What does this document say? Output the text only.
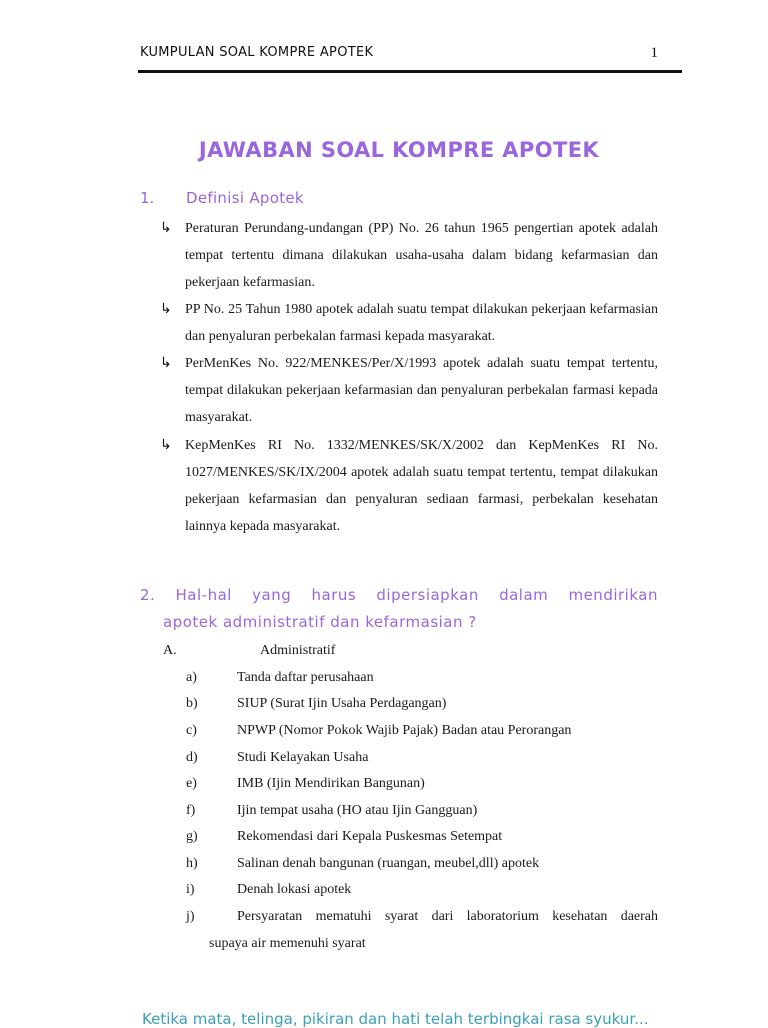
KUMPULAN SOAL KOMPRE APOTEK	1
JAWABAN SOAL KOMPRE APOTEK
1. Definisi Apotek
↳ Peraturan Perundang-undangan (PP) No. 26 tahun 1965 pengertian apotek adalah tempat tertentu dimana dilakukan usaha-usaha dalam bidang kefarmasian dan pekerjaan kefarmasian.
↳ PP No. 25 Tahun 1980 apotek adalah suatu tempat dilakukan pekerjaan kefarmasian dan penyaluran perbekalan farmasi kepada masyarakat.
↳ PerMenKes No. 922/MENKES/Per/X/1993 apotek adalah suatu tempat tertentu, tempat dilakukan pekerjaan kefarmasian dan penyaluran perbekalan farmasi kepada masyarakat.
↳ KepMenKes RI No. 1332/MENKES/SK/X/2002 dan KepMenKes RI No. 1027/MENKES/SK/IX/2004 apotek adalah suatu tempat tertentu, tempat dilakukan pekerjaan kefarmasian dan penyaluran sediaan farmasi, perbekalan kesehatan lainnya kepada masyarakat.
2. Hal-hal yang harus dipersiapkan dalam mendirikan
apotek administratif dan kefarmasian ?
A.	Administratif
a)	Tanda daftar perusahaan
b)	SIUP (Surat Ijin Usaha Perdagangan)
c)	NPWP (Nomor Pokok Wajib Pajak) Badan atau Perorangan
d)	Studi Kelayakan Usaha
e)	IMB (Ijin Mendirikan Bangunan)
f)	Ijin tempat usaha (HO atau Ijin Gangguan)
g)	Rekomendasi dari Kepala Puskesmas Setempat
h)	Salinan denah bangunan (ruangan, meubel,dll) apotek
i)	Denah lokasi apotek
j)	Persyaratan mematuhi syarat dari laboratorium kesehatan daerah
supaya air memenuhi syarat
Ketika mata, telinga, pikiran dan hati telah terbingkai rasa syukur...
